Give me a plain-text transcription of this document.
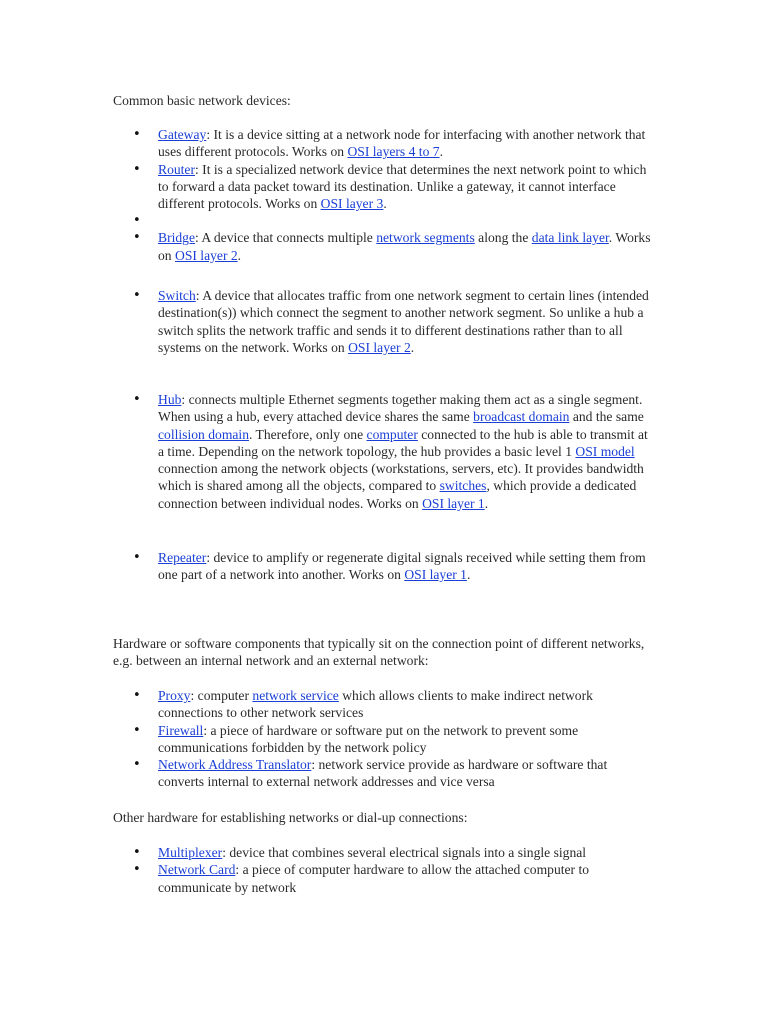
Common basic network devices:

• Gateway: It is a device sitting at a network node for interfacing with another network that uses different protocols. Works on OSI layers 4 to 7.
• Router: It is a specialized network device that determines the next network point to which to forward a data packet toward its destination. Unlike a gateway, it cannot interface different protocols. Works on OSI layer 3.
•
• Bridge: A device that connects multiple network segments along the data link layer. Works on OSI layer 2.
• Switch: A device that allocates traffic from one network segment to certain lines (intended destination(s)) which connect the segment to another network segment. So unlike a hub a switch splits the network traffic and sends it to different destinations rather than to all systems on the network. Works on OSI layer 2.
• Hub: connects multiple Ethernet segments together making them act as a single segment. When using a hub, every attached device shares the same broadcast domain and the same collision domain. Therefore, only one computer connected to the hub is able to transmit at a time. Depending on the network topology, the hub provides a basic level 1 OSI model connection among the network objects (workstations, servers, etc). It provides bandwidth which is shared among all the objects, compared to switches, which provide a dedicated connection between individual nodes. Works on OSI layer 1.
• Repeater: device to amplify or regenerate digital signals received while setting them from one part of a network into another. Works on OSI layer 1.

Hardware or software components that typically sit on the connection point of different networks, e.g. between an internal network and an external network:

• Proxy: computer network service which allows clients to make indirect network connections to other network services
• Firewall: a piece of hardware or software put on the network to prevent some communications forbidden by the network policy
• Network Address Translator: network service provide as hardware or software that converts internal to external network addresses and vice versa

Other hardware for establishing networks or dial-up connections:

• Multiplexer: device that combines several electrical signals into a single signal
• Network Card: a piece of computer hardware to allow the attached computer to communicate by network
